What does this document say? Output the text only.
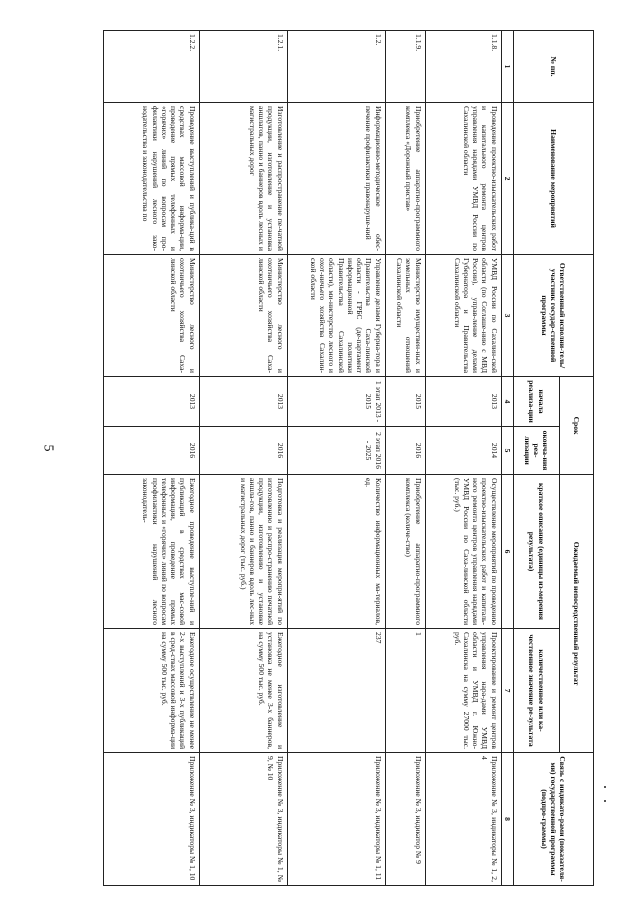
5
№ пп.	Наименование мероприятий	Ответственный исполни-тель/ участник государ-ственной программы	Срок		Ожидаемый непосредственный результат		Связь с индикато-рами (показателя-ми) государственной программы (подпро-граммы)
			начала реализа-ции	оконча-ния реа-лизации	краткое описание (единицы из-мерения результата)	количественное или ка-чественное значение ре-зультата	
1	2	3	4	5	6	7	8
1.1.8.	Проведение проектно-изыскательских работ и капитального ремонта центров управления нарядами УМВД России по Сахалинской области	УМВД России по Сахалин-ской области (по Соглаше-нию с МВД России), управ-ление делами Губернатора и Правительства Сахалинской области	2013	2014	Осуществление мероприятий по проведению проектно-изыскательских работ и капиталь-ного ремонта центров управления нарядами УМВД России по Саха-линской области (тыс. руб.)	Проектирование и ремонт центров управления нара-дами УМВД области и УМВД г. Южно-Сахалинска на сумму 27000 тыс. руб.	Приложение № 3, индикаторы № 1, 2, 4
1.1.9.	Приобретение аппаратно-программного комплекса «Дорожный пристав»	Министерство имуществен-ных и земельных отношений Сахалинской области	2015	2016	Приобретение аппаратно-программного комплекса (количе-ство)	1	Приложение № 3, индикатор № 9
1.2.	Информационно-методическое обес-печение профилактики правонаруше-ний	Управление делами Губерна-тора и Правительства Саха-линской области - ГРБС (де-партамент информационной политики Правительства Сахалинской области), ми-нистерство лесного и охот-ничьего хозяйства Сахалин-ской области	1 этап 2013 - 2015	2 этап 2016 - 2025	Количество информационных ма-териалов, ед.	237	Приложение № 3, индикаторы № 1, 11
1.2.1.	Изготовление и распространение пе-чатной продукции, изготовление и установка аншлагов, панно и баннеров вдоль лесных и магистральных дорог	Министерство лесного и охотничьего хозяйства Саха-линской области	2013	2016	Подготовка и реализация меропри-ятий по изготовлению и распро-странению печатной продукции, изготовлению и установке аншла-гов, панно и баннеров вдоль лес-ных и магистральных дорог (тыс. руб.)	Ежегодное изготовление и установка не менее 3-х баннеров, на сумму 500 тыс. руб.	Приложение № 3, индикаторы № 1, № 9, № 10
1.2.2.	Проведение выступлений и публика-ций в средствах массовой информа-ции, проведение прямых телефонных и «горячих» линий по вопросам про-филактики нарушений лесного зако-нодательства и законодательства по	Министерство лесного и охотничьего хозяйства Саха-линской области	2013	2016	Ежегодное проведение выступле-ний и публикаций в средствах мас-совой информации, проведение прямых телефонных и «горячих» линий по вопросам профилактики нарушений лесного законодатель-	Ежегодное осуществление не менее 2-х выступлений и 3-х публикаций в сред-ствах массовой информа-ции на сумму 500 тыс. руб.	Приложение № 3, индикаторы № 1, 10
